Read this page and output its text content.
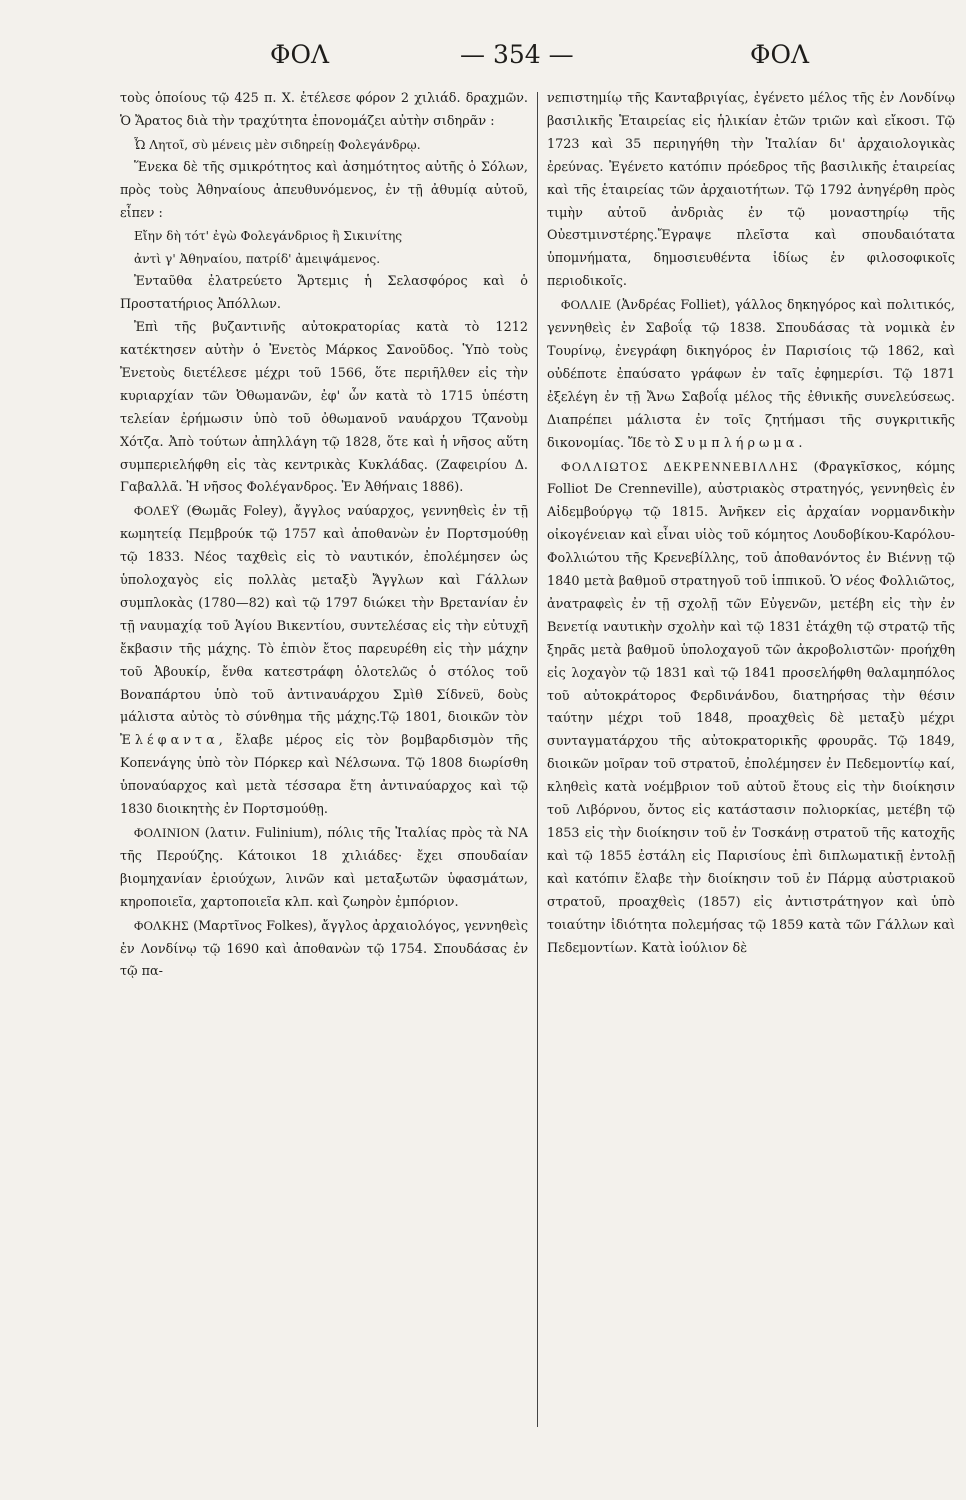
ΦΟΛ	— 354 —	ΦΟΛ

τοὺς ὁποίους τῷ 425 π. Χ. ἐτέλεσε φόρον 2 χιλιάδ. δραχμῶν. Ὁ Ἄρατος διὰ τὴν τραχύτητα ἐπονομάζει αὐτὴν σιδηρᾶν :

Ὦ Λητοῖ, σὺ μένεις μὲν σιδηρείῃ Φολεγάνδρῳ.

Ἕνεκα δὲ τῆς σμικρότητος καὶ ἀσημότητος αὐτῆς ὁ Σόλων, πρὸς τοὺς Ἀθηναίους ἀπευθυνόμενος, ἐν τῇ ἀθυμίᾳ αὐτοῦ, εἶπεν :

Εἴην δὴ τότ' ἐγὼ Φολεγάνδριος ἢ Σικινίτης
ἀντὶ γ' Ἀθηναίου, πατρίδ' ἀμειψάμενος.

Ἐνταῦθα ἐλατρεύετο Ἄρτεμις ἡ Σελασφόρος καὶ ὁ Προστατήριος Ἀπόλλων.

Ἐπὶ τῆς βυζαντινῆς αὐτοκρατορίας κατὰ τὸ 1212 κατέκτησεν αὐτὴν ὁ Ἐνετὸς Μάρκος Σανοῦδος. Ὑπὸ τοὺς Ἐνετοὺς διετέλεσε μέχρι τοῦ 1566, ὅτε περιῆλθεν εἰς τὴν κυριαρχίαν τῶν Ὀθωμανῶν, ἐφ' ὧν κατὰ τὸ 1715 ὑπέστη τελείαν ἐρήμωσιν ὑπὸ τοῦ ὀθωμανοῦ ναυάρχου Τζανοὺμ Χότζα. Ἀπὸ τούτων ἀπηλλάγη τῷ 1828, ὅτε καὶ ἡ νῆσος αὕτη συμπεριελήφθη εἰς τὰς κεντρικὰς Κυκλάδας. (Ζαφειρίου Δ. Γαβαλλᾶ. Ἡ νῆσος Φολέγανδρος. Ἐν Ἀθήναις 1886).

ΦΟΛΕΫ (Θωμᾶς Foley), ἄγγλος ναύαρχος, γεννηθεὶς ἐν τῇ κωμητείᾳ Πεμβρούκ τῷ 1757 καὶ ἀποθανὼν ἐν Πορτσμούθῃ τῷ 1833. Νέος ταχθεὶς εἰς τὸ ναυτικόν, ἐπολέμησεν ὡς ὑπολοχαγὸς εἰς πολλὰς μεταξὺ Ἄγγλων καὶ Γάλλων συμπλοκὰς (1780—82) καὶ τῷ 1797 διώκει τὴν Βρετανίαν ἐν τῇ ναυμαχίᾳ τοῦ Ἁγίου Βικεντίου, συντελέσας εἰς τὴν εὐτυχῆ ἔκβασιν τῆς μάχης. Τὸ ἐπιὸν ἔτος παρευρέθη εἰς τὴν μάχην τοῦ Ἀβουκίρ, ἔνθα κατεστράφη ὁλοτελῶς ὁ στόλος τοῦ Βοναπάρτου ὑπὸ τοῦ ἀντιναυάρχου Σμὶθ Σίδνεϋ, δοὺς μάλιστα αὐτὸς τὸ σύνθημα τῆς μάχης.Τῷ 1801, διοικῶν τὸν Ἐλέφαντα, ἔλαβε μέρος εἰς τὸν βομβαρδισμὸν τῆς Κοπενάγης ὑπὸ τὸν Πόρκερ καὶ Νέλσωνα. Τῷ 1808 διωρίσθη ὑποναύαρχος καὶ μετὰ τέσσαρα ἔτη ἀντιναύαρχος καὶ τῷ 1830 διοικητὴς ἐν Πορτσμούθῃ.

ΦΟΛΙΝΙΟΝ (λατιν. Fulinium), πόλις τῆς Ἰταλίας πρὸς τὰ ΝΑ τῆς Περούζης. Κάτοικοι 18 χιλιάδες· ἔχει σπουδαίαν βιομηχανίαν ἐριούχων, λινῶν καὶ μεταξωτῶν ὑφασμάτων, κηροποιεῖα, χαρτοποιεῖα κλπ. καὶ ζωηρὸν ἐμπόριον.

ΦΟΛΚΗΣ (Μαρτῖνος Folkes), ἄγγλος ἀρχαιολόγος, γεννηθεὶς ἐν Λονδίνῳ τῷ 1690 καὶ ἀποθανὼν τῷ 1754. Σπουδάσας ἐν τῷ πα-

νεπιστημίῳ τῆς Κανταβριγίας, ἐγένετο μέλος τῆς ἐν Λονδίνῳ βασιλικῆς Ἑταιρείας εἰς ἡλικίαν ἐτῶν τριῶν καὶ εἴκοσι. Τῷ 1723 καὶ 35 περιηγήθη τὴν Ἰταλίαν δι' ἀρχαιολογικὰς ἐρεύνας. Ἐγένετο κατόπιν πρόεδρος τῆς βασιλικῆς ἑταιρείας καὶ τῆς ἑταιρείας τῶν ἀρχαιοτήτων. Τῷ 1792 ἀνηγέρθη πρὸς τιμὴν αὐτοῦ ἀνδριὰς ἐν τῷ μοναστηρίῳ τῆς Οὐεστμινστέρης.Ἔγραψε πλεῖστα καὶ σπουδαιότατα ὑπομνήματα, δημοσιευθέντα ἰδίως ἐν φιλοσοφικοῖς περιοδικοῖς.

ΦΟΛΛΙΕ (Ἀνδρέας Folliet), γάλλος δηκηγόρος καὶ πολιτικός, γεννηθεὶς ἐν Σαβοΐᾳ τῷ 1838. Σπουδάσας τὰ νομικὰ ἐν Τουρίνῳ, ἐνεγράφη δικηγόρος ἐν Παρισίοις τῷ 1862, καὶ οὐδέποτε ἐπαύσατο γράφων ἐν ταῖς ἐφημερίσι. Τῷ 1871 ἐξελέγη ἐν τῇ Ἄνω Σαβοΐᾳ μέλος τῆς ἐθνικῆς συνελεύσεως. Διαπρέπει μάλιστα ἐν τοῖς ζητήμασι τῆς συγκριτικῆς δικονομίας. Ἴδε τὸ Συμπλήρωμα.

ΦΟΛΛΙΩΤΟΣ ΔΕΚΡΕΝΝΕΒΙΛΛΗΣ (Φραγκῖσκος, κόμης Folliot De Crenneville), αὐστριακὸς στρατηγός, γεννηθεὶς ἐν Αἰδεμβούργῳ τῷ 1815. Ἀνῆκεν εἰς ἀρχαίαν νορμανδικὴν οἰκογένειαν καὶ εἶναι υἱὸς τοῦ κόμητος Λουδοβίκου-Καρόλου-Φολλιώτου τῆς Κρενεβίλλης, τοῦ ἀποθανόντος ἐν Βιέννῃ τῷ 1840 μετὰ βαθμοῦ στρατηγοῦ τοῦ ἱππικοῦ. Ὁ νέος Φολλιῶτος, ἀνατραφεὶς ἐν τῇ σχολῇ τῶν Εὐγενῶν, μετέβη εἰς τὴν ἐν Βενετίᾳ ναυτικὴν σχολὴν καὶ τῷ 1831 ἐτάχθη τῷ στρατῷ τῆς ξηρᾶς μετὰ βαθμοῦ ὑπολοχαγοῦ τῶν ἀκροβολιστῶν· προήχθη εἰς λοχαγὸν τῷ 1831 καὶ τῷ 1841 προσελήφθη θαλαμηπόλος τοῦ αὐτοκράτορος Φερδινάνδου, διατηρήσας τὴν θέσιν ταύτην μέχρι τοῦ 1848, προαχθεὶς δὲ μεταξὺ μέχρι συνταγματάρχου τῆς αὐτοκρατορικῆς φρουρᾶς. Τῷ 1849, διοικῶν μοῖραν τοῦ στρατοῦ, ἐπολέμησεν ἐν Πεδεμοντίῳ καί, κληθεὶς κατὰ νοέμβριον τοῦ αὐτοῦ ἔτους εἰς τὴν διοίκησιν τοῦ Λιβόρνου, ὄντος εἰς κατάστασιν πολιορκίας, μετέβη τῷ 1853 εἰς τὴν διοίκησιν τοῦ ἐν Τοσκάνῃ στρατοῦ τῆς κατοχῆς καὶ τῷ 1855 ἐστάλη εἰς Παρισίους ἐπὶ διπλωματικῇ ἐντολῇ καὶ κατόπιν ἔλαβε τὴν διοίκησιν τοῦ ἐν Πάρμᾳ αὐστριακοῦ στρατοῦ, προαχθεὶς (1857) εἰς ἀντιστράτηγον καὶ ὑπὸ τοιαύτην ἰδιότητα πολεμήσας τῷ 1859 κατὰ τῶν Γάλλων καὶ Πεδεμοντίων. Κατὰ ἰούλιον δὲ
